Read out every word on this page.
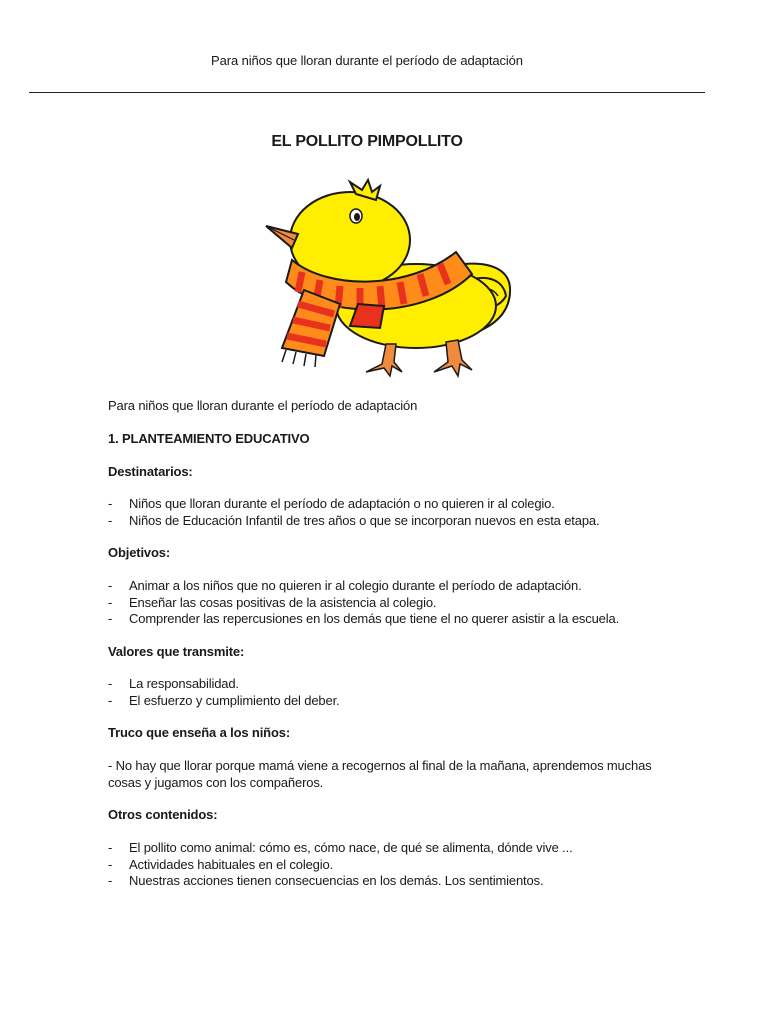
Para niños que lloran durante el período de adaptación
EL POLLITO PIMPOLLITO
Para niños que lloran durante el período de adaptación
1. PLANTEAMIENTO EDUCATIVO
Destinatarios:
- Niños que lloran durante el período de adaptación o no quieren ir al colegio.
- Niños de Educación Infantil de tres años o que se incorporan nuevos en esta etapa.
Objetivos:
- Animar a los niños que no quieren ir al colegio durante el período de adaptación.
- Enseñar las cosas positivas de la asistencia al colegio.
- Comprender las repercusiones en los demás que tiene el no querer asistir a la escuela.
Valores que transmite:
- La responsabilidad.
- El esfuerzo y cumplimiento del deber.
Truco que enseña a los niños:
- No hay que llorar porque mamá viene a recogernos al final de la mañana, aprendemos muchas
cosas y jugamos con los compañeros.
Otros contenidos:
- El pollito como animal: cómo es, cómo nace, de qué se alimenta, dónde vive ...
- Actividades habituales en el colegio.
- Nuestras acciones tienen consecuencias en los demás. Los sentimientos.
